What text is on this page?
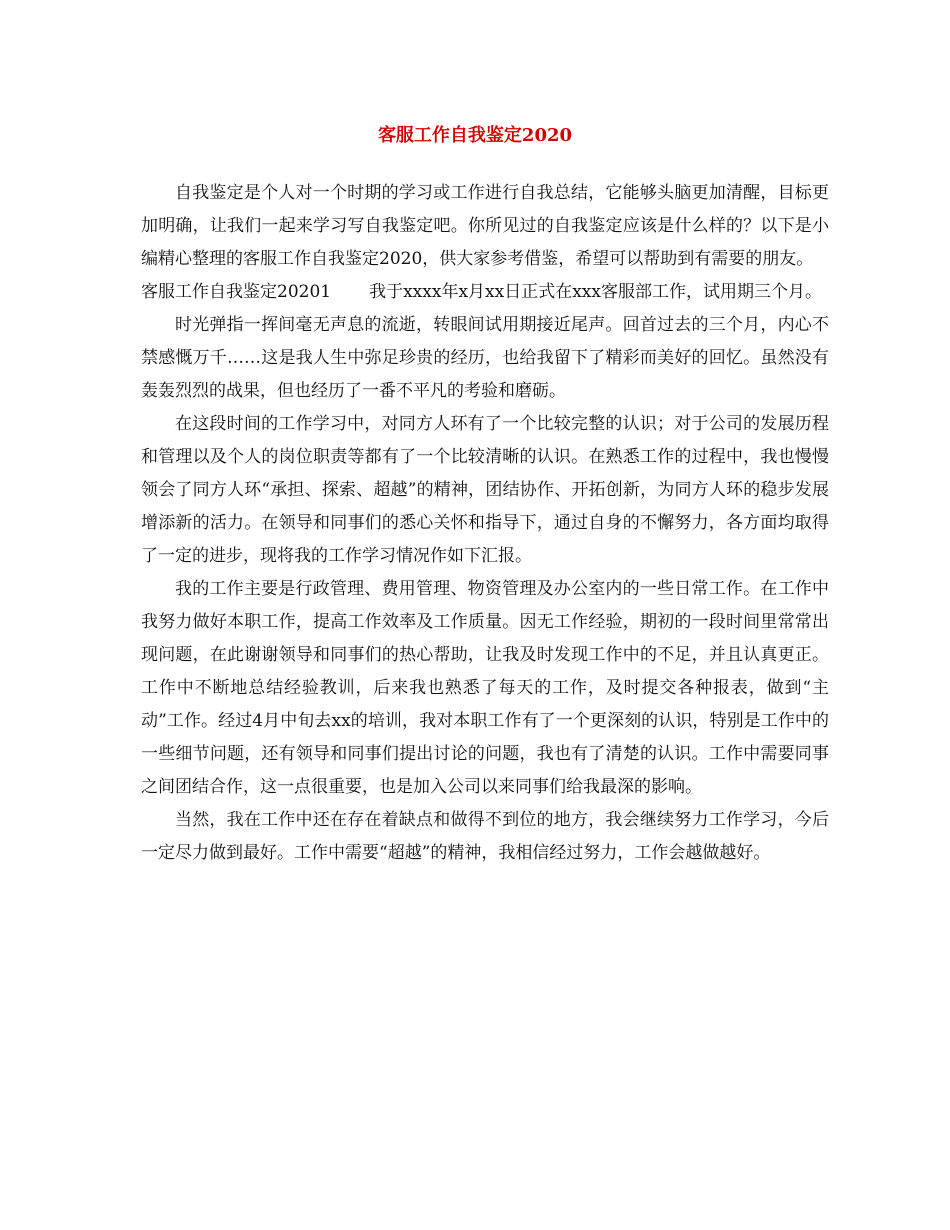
客服工作自我鉴定2020

自我鉴定是个人对一个时期的学习或工作进行自我总结，它能够头脑更加清醒，目标更加明确，让我们一起来学习写自我鉴定吧。你所见过的自我鉴定应该是什么样的？以下是小编精心整理的客服工作自我鉴定2020，供大家参考借鉴，希望可以帮助到有需要的朋友。

客服工作自我鉴定20201 我于xxxx年x月xx日正式在xxx客服部工作，试用期三个月。

时光弹指一挥间毫无声息的流逝，转眼间试用期接近尾声。回首过去的三个月，内心不禁感慨万千……这是我人生中弥足珍贵的经历，也给我留下了精彩而美好的回忆。虽然没有轰轰烈烈的战果，但也经历了一番不平凡的考验和磨砺。

在这段时间的工作学习中，对同方人环有了一个比较完整的认识；对于公司的发展历程和管理以及个人的岗位职责等都有了一个比较清晰的认识。在熟悉工作的过程中，我也慢慢领会了同方人环“承担、探索、超越”的精神，团结协作、开拓创新，为同方人环的稳步发展增添新的活力。在领导和同事们的悉心关怀和指导下，通过自身的不懈努力，各方面均取得了一定的进步，现将我的工作学习情况作如下汇报。

我的工作主要是行政管理、费用管理、物资管理及办公室内的一些日常工作。在工作中我努力做好本职工作，提高工作效率及工作质量。因无工作经验，期初的一段时间里常常出现问题，在此谢谢领导和同事们的热心帮助，让我及时发现工作中的不足，并且认真更正。工作中不断地总结经验教训，后来我也熟悉了每天的工作，及时提交各种报表，做到“主动”工作。经过4月中旬去xx的培训，我对本职工作有了一个更深刻的认识，特别是工作中的一些细节问题，还有领导和同事们提出讨论的问题，我也有了清楚的认识。工作中需要同事之间团结合作，这一点很重要，也是加入公司以来同事们给我最深的影响。

当然，我在工作中还在存在着缺点和做得不到位的地方，我会继续努力工作学习，今后一定尽力做到最好。工作中需要“超越”的精神，我相信经过努力，工作会越做越好。
